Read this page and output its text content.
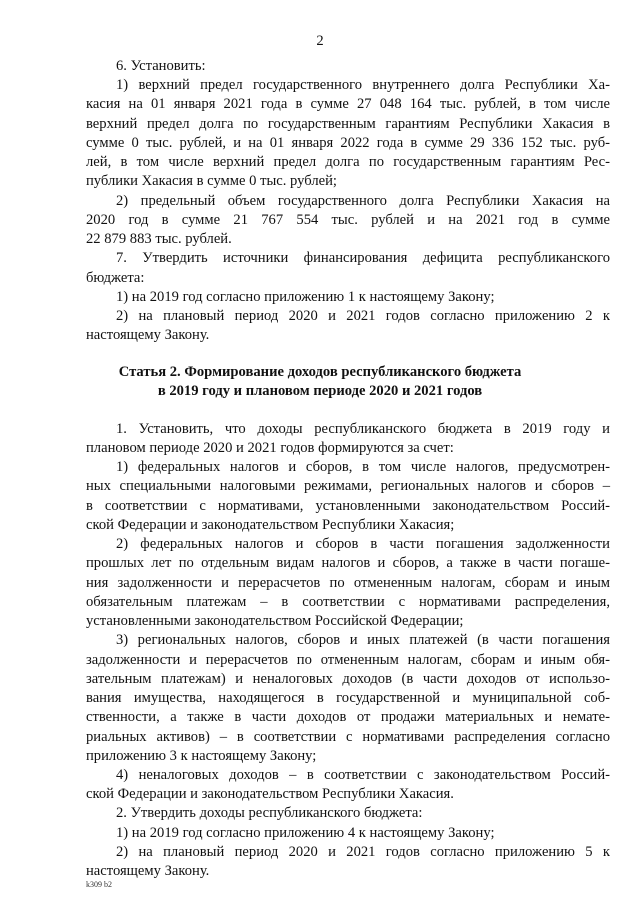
2
6. Установить:
1) верхний предел государственного внутреннего долга Республики Ха-
касия на 01 января 2021 года в сумме 27 048 164 тыс. рублей, в том числе
верхний предел долга по государственным гарантиям Республики Хакасия в
сумме 0 тыс. рублей, и на 01 января 2022 года в сумме 29 336 152 тыс. руб-
лей, в том числе верхний предел долга по государственным гарантиям Рес-
публики Хакасия в сумме 0 тыс. рублей;
2) предельный объем государственного долга Республики Хакасия на
2020 год в сумме 21 767 554 тыс. рублей и на 2021 год в сумме
22 879 883 тыс. рублей.
7. Утвердить источники финансирования дефицита республиканского
бюджета:
1) на 2019 год согласно приложению 1 к настоящему Закону;
2) на плановый период 2020 и 2021 годов согласно приложению 2 к
настоящему Закону.
Статья 2. Формирование доходов республиканского бюджета
в 2019 году и плановом периоде 2020 и 2021 годов
1. Установить, что доходы республиканского бюджета в 2019 году и
плановом периоде 2020 и 2021 годов формируются за счет:
1) федеральных налогов и сборов, в том числе налогов, предусмотрен-
ных специальными налоговыми режимами, региональных налогов и сборов –
в соответствии с нормативами, установленными законодательством Россий-
ской Федерации и законодательством Республики Хакасия;
2) федеральных налогов и сборов в части погашения задолженности
прошлых лет по отдельным видам налогов и сборов, а также в части погаше-
ния задолженности и перерасчетов по отмененным налогам, сборам и иным
обязательным платежам – в соответствии с нормативами распределения,
установленными законодательством Российской Федерации;
3) региональных налогов, сборов и иных платежей (в части погашения
задолженности и перерасчетов по отмененным налогам, сборам и иным обя-
зательным платежам) и неналоговых доходов (в части доходов от использо-
вания имущества, находящегося в государственной и муниципальной соб-
ственности, а также в части доходов от продажи материальных и немате-
риальных активов) – в соответствии с нормативами распределения согласно
приложению 3 к настоящему Закону;
4) неналоговых доходов – в соответствии с законодательством Россий-
ской Федерации и законодательством Республики Хакасия.
2. Утвердить доходы республиканского бюджета:
1) на 2019 год согласно приложению 4 к настоящему Закону;
2) на плановый период 2020 и 2021 годов согласно приложению 5 к
k309 b2
настоящему Закону.
